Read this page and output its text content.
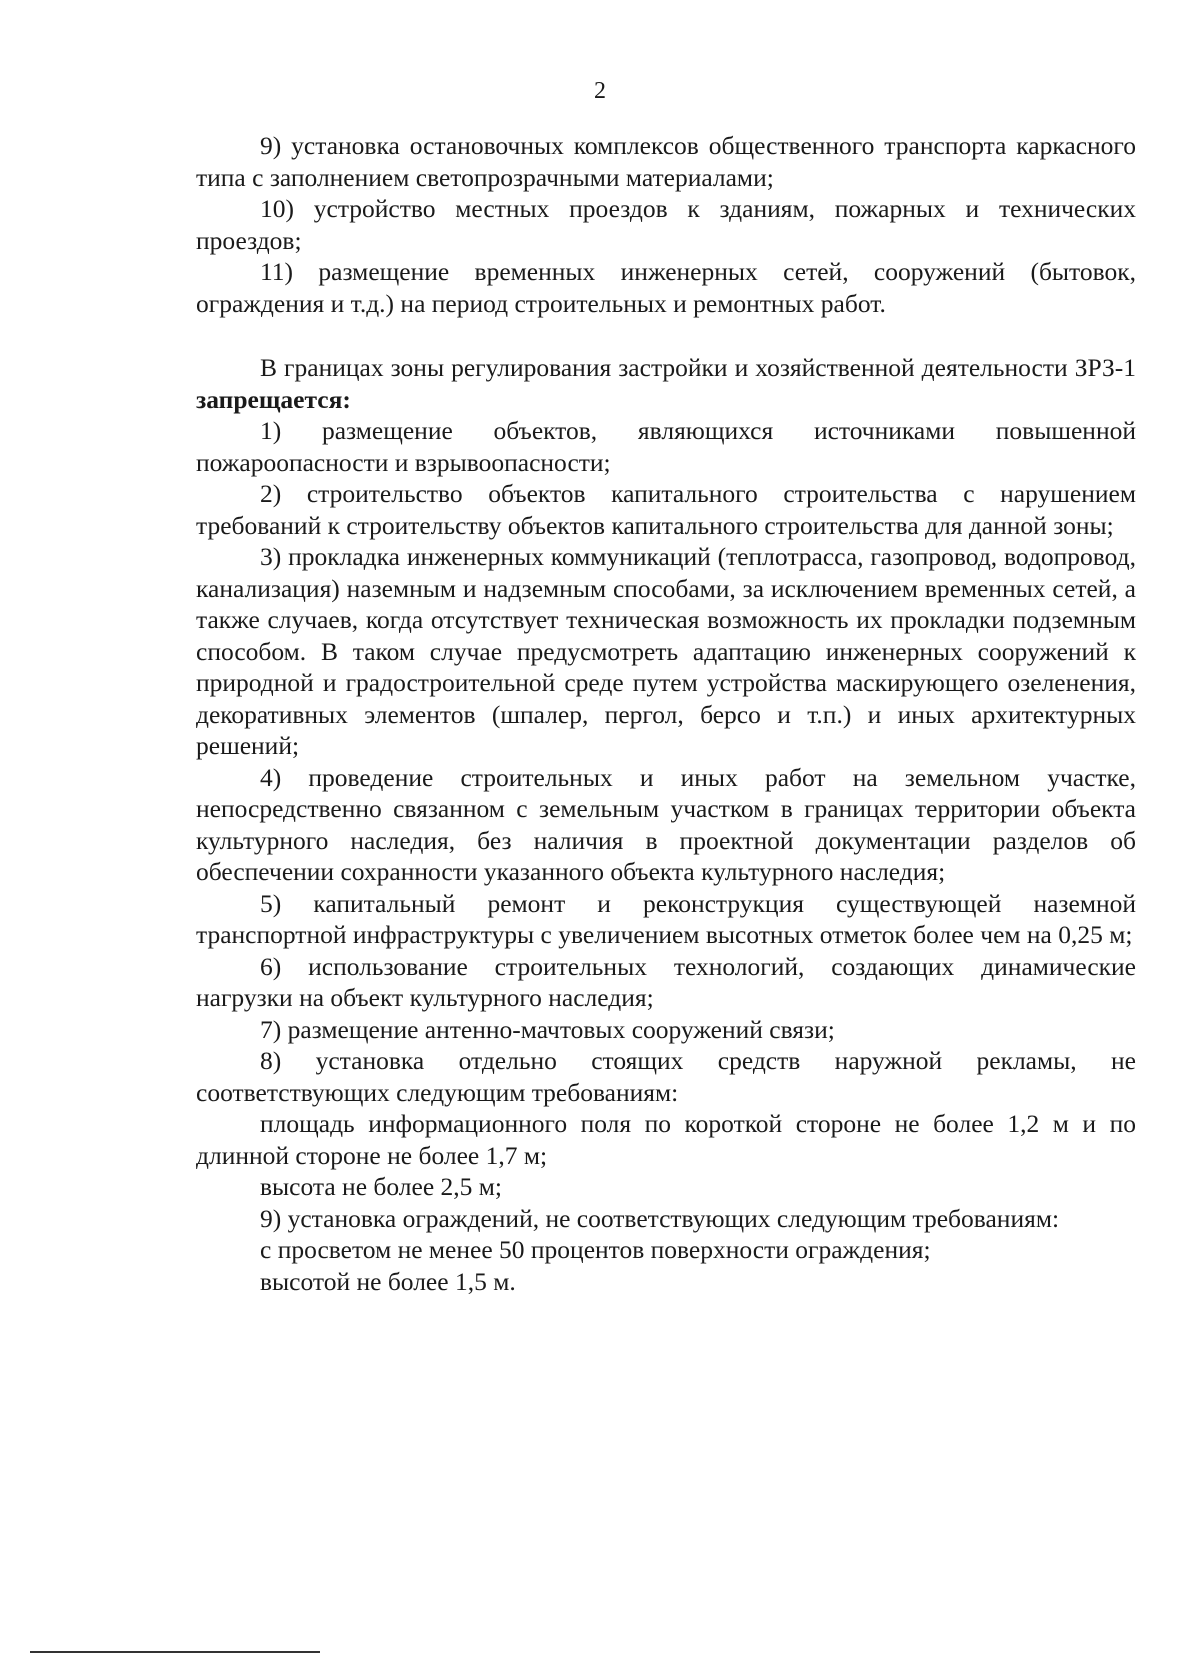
2

9) установка остановочных комплексов общественного транспорта каркасного типа с заполнением светопрозрачными материалами;

10) устройство местных проездов к зданиям, пожарных и технических проездов;

11) размещение временных инженерных сетей, сооружений (бытовок, ограждения и т.д.) на период строительных и ремонтных работ.

В границах зоны регулирования застройки и хозяйственной деятельности ЗРЗ-1 запрещается:

1) размещение объектов, являющихся источниками повышенной пожароопасности и взрывоопасности;

2) строительство объектов капитального строительства с нарушением требований к строительству объектов капитального строительства для данной зоны;

3) прокладка инженерных коммуникаций (теплотрасса, газопровод, водопровод, канализация) наземным и надземным способами, за исключением временных сетей, а также случаев, когда отсутствует техническая возможность их прокладки подземным способом. В таком случае предусмотреть адаптацию инженерных сооружений к природной и градостроительной среде путем устройства маскирующего озеленения, декоративных элементов (шпалер, пергол, берсо и т.п.) и иных архитектурных решений;

4) проведение строительных и иных работ на земельном участке, непосредственно связанном с земельным участком в границах территории объекта культурного наследия, без наличия в проектной документации разделов об обеспечении сохранности указанного объекта культурного наследия;

5) капитальный ремонт и реконструкция существующей наземной транспортной инфраструктуры с увеличением высотных отметок более чем на 0,25 м;

6) использование строительных технологий, создающих динамические нагрузки на объект культурного наследия;

7) размещение антенно-мачтовых сооружений связи;

8) установка отдельно стоящих средств наружной рекламы, не соответствующих следующим требованиям:

площадь информационного поля по короткой стороне не более 1,2 м и по длинной стороне не более 1,7 м;

высота не более 2,5 м;

9) установка ограждений, не соответствующих следующим требованиям:

с просветом не менее 50 процентов поверхности ограждения;

высотой не более 1,5 м.
